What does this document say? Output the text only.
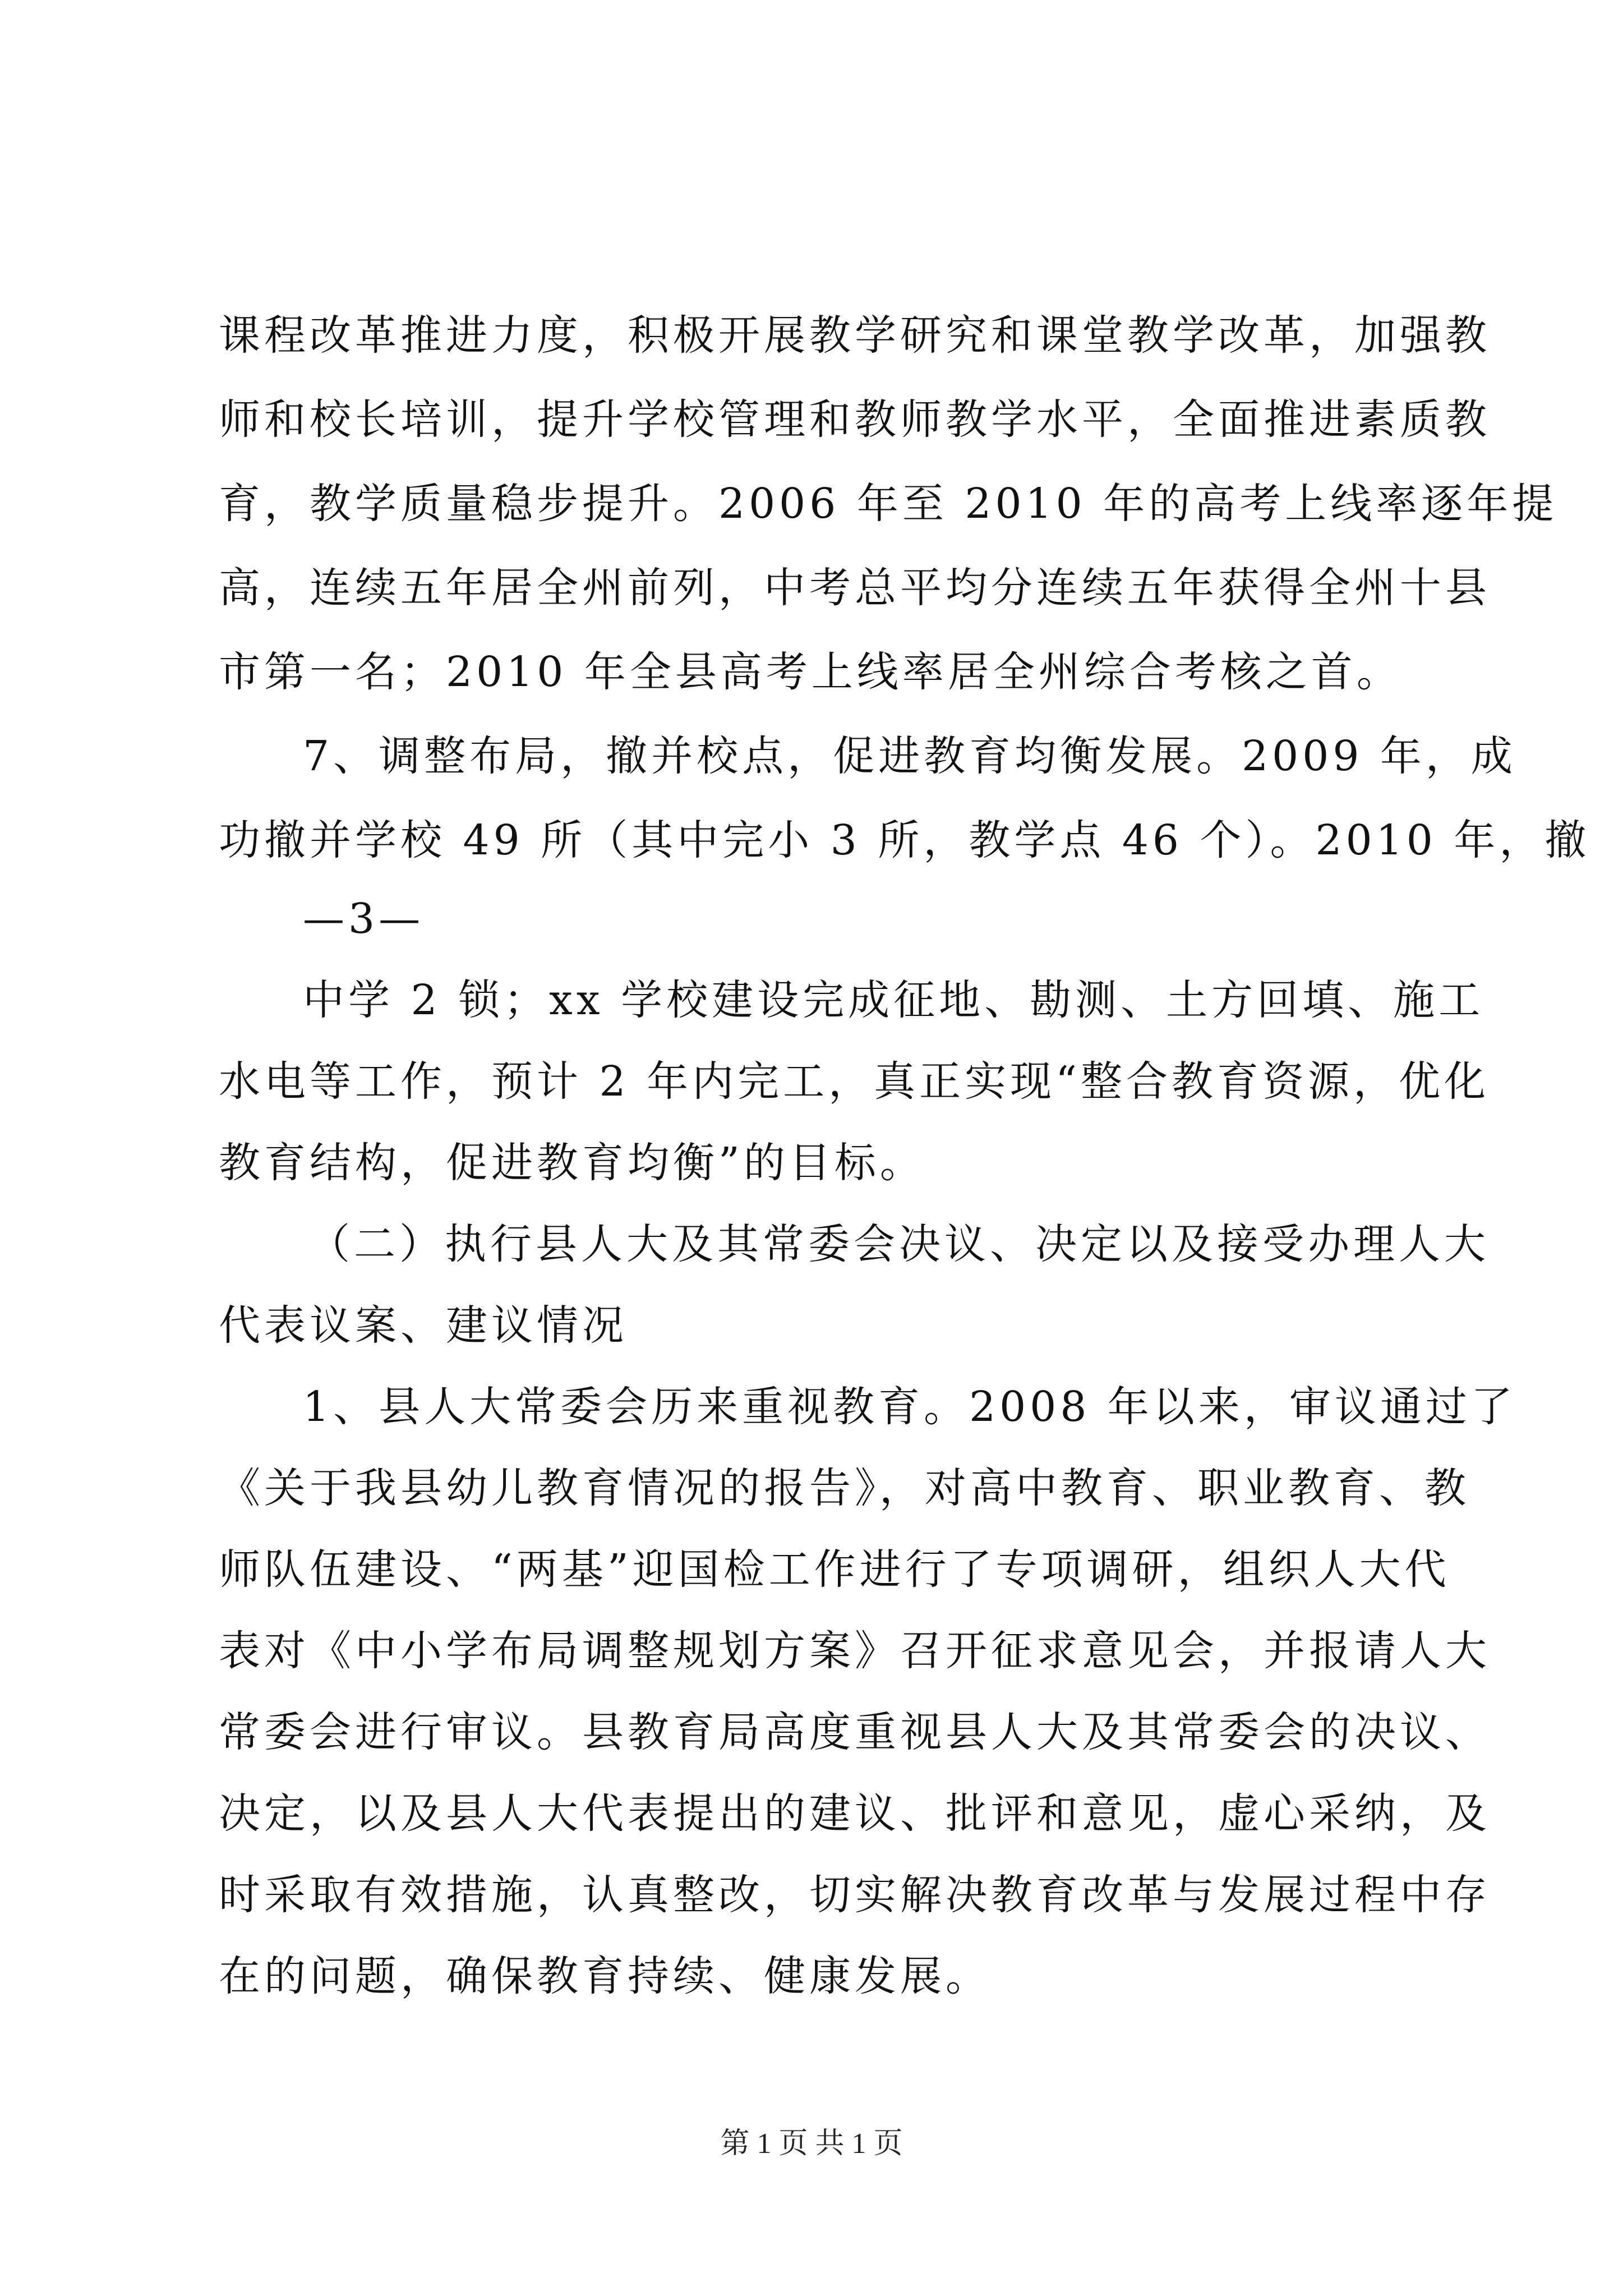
课程改革推进力度，积极开展教学研究和课堂教学改革，加强教
师和校长培训，提升学校管理和教师教学水平，全面推进素质教
育，教学质量稳步提升。2006 年至 2010 年的高考上线率逐年提
高，连续五年居全州前列，中考总平均分连续五年获得全州十县
市第一名；2010 年全县高考上线率居全州综合考核之首。
7、调整布局，撤并校点，促进教育均衡发展。2009 年，成
功撤并学校 49 所（其中完小 3 所，教学点 46 个）。2010 年，撤
—3—
中学 2 锁；xx 学校建设完成征地、勘测、土方回填、施工
水电等工作，预计 2 年内完工，真正实现“整合教育资源，优化
教育结构，促进教育均衡”的目标。
（二）执行县人大及其常委会决议、决定以及接受办理人大
代表议案、建议情况
1、县人大常委会历来重视教育。2008 年以来，审议通过了
《关于我县幼儿教育情况的报告》，对高中教育、职业教育、教
师队伍建设、“两基”迎国检工作进行了专项调研，组织人大代
表对《中小学布局调整规划方案》召开征求意见会，并报请人大
常委会进行审议。县教育局高度重视县人大及其常委会的决议、
决定，以及县人大代表提出的建议、批评和意见，虚心采纳，及
时采取有效措施，认真整改，切实解决教育改革与发展过程中存
在的问题，确保教育持续、健康发展。
第 1 页 共 1 页
